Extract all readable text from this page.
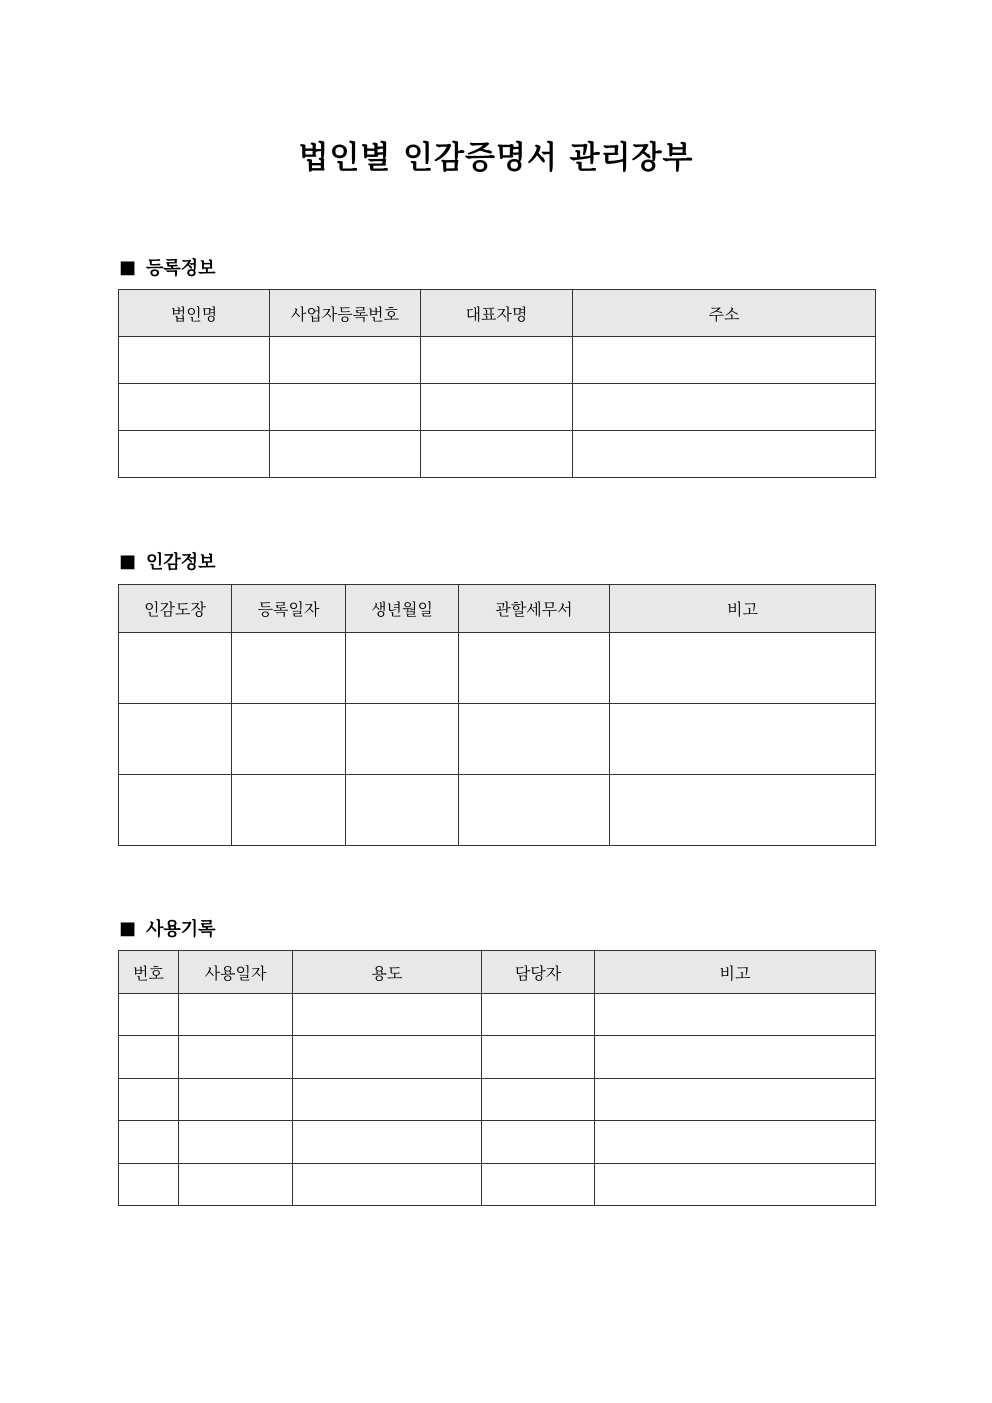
법인별 인감증명서 관리장부
■ 등록정보
법인명	사업자등록번호	대표자명	주소

■ 인감정보
인감도장	등록일자	생년월일	관할세무서	비고

■ 사용기록
번호	사용일자	용도	담당자	비고
